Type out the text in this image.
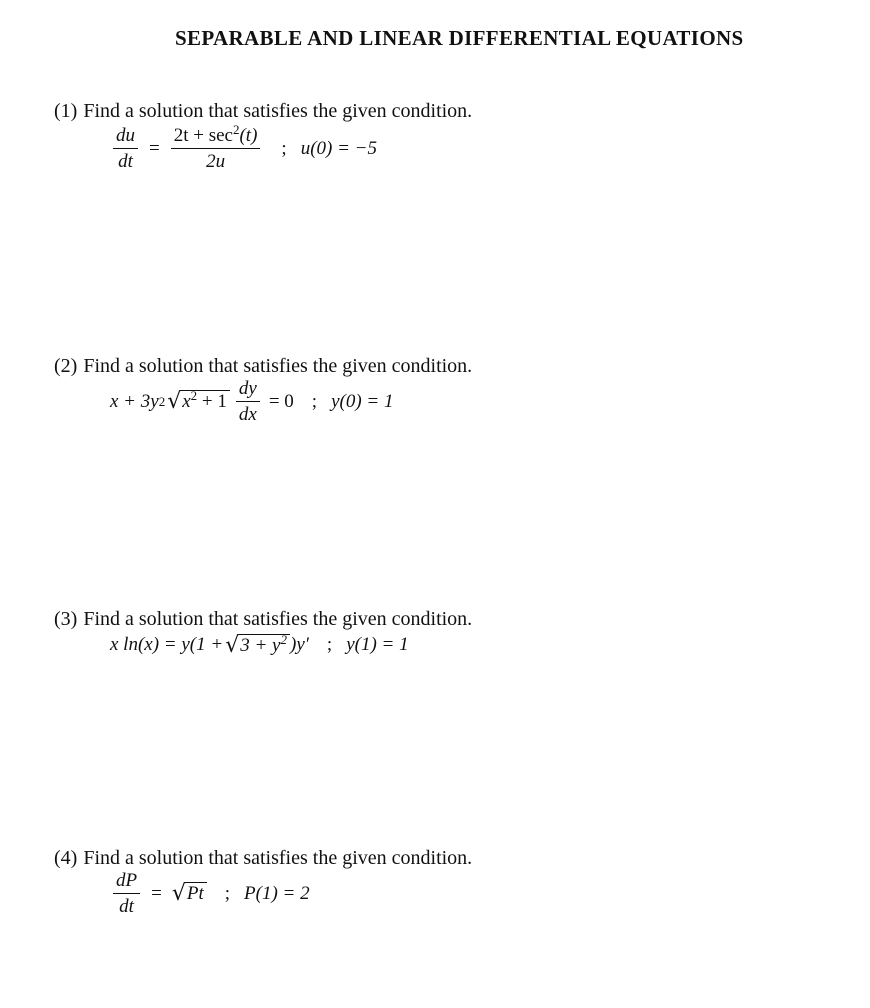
SEPARABLE AND LINEAR DIFFERENTIAL EQUATIONS
(1) Find a solution that satisfies the given condition.
$\frac{du}{dt} = \frac{2t + \sec^2(t)}{2u}$ ; u(0) = −5
(2) Find a solution that satisfies the given condition.
x + 3y 2 √ $x^2 + 1 \frac{dy}{dx} = 0$ ; y(0) = 1
(3) Find a solution that satisfies the given condition.
x ln(x) = y(1 + √ $3 + y^2$ )y′ ; y(1) = 1
(4) Find a solution that satisfies the given condition.
$\frac{dP}{dt}$ = √ Pt ; P(1) = 2
